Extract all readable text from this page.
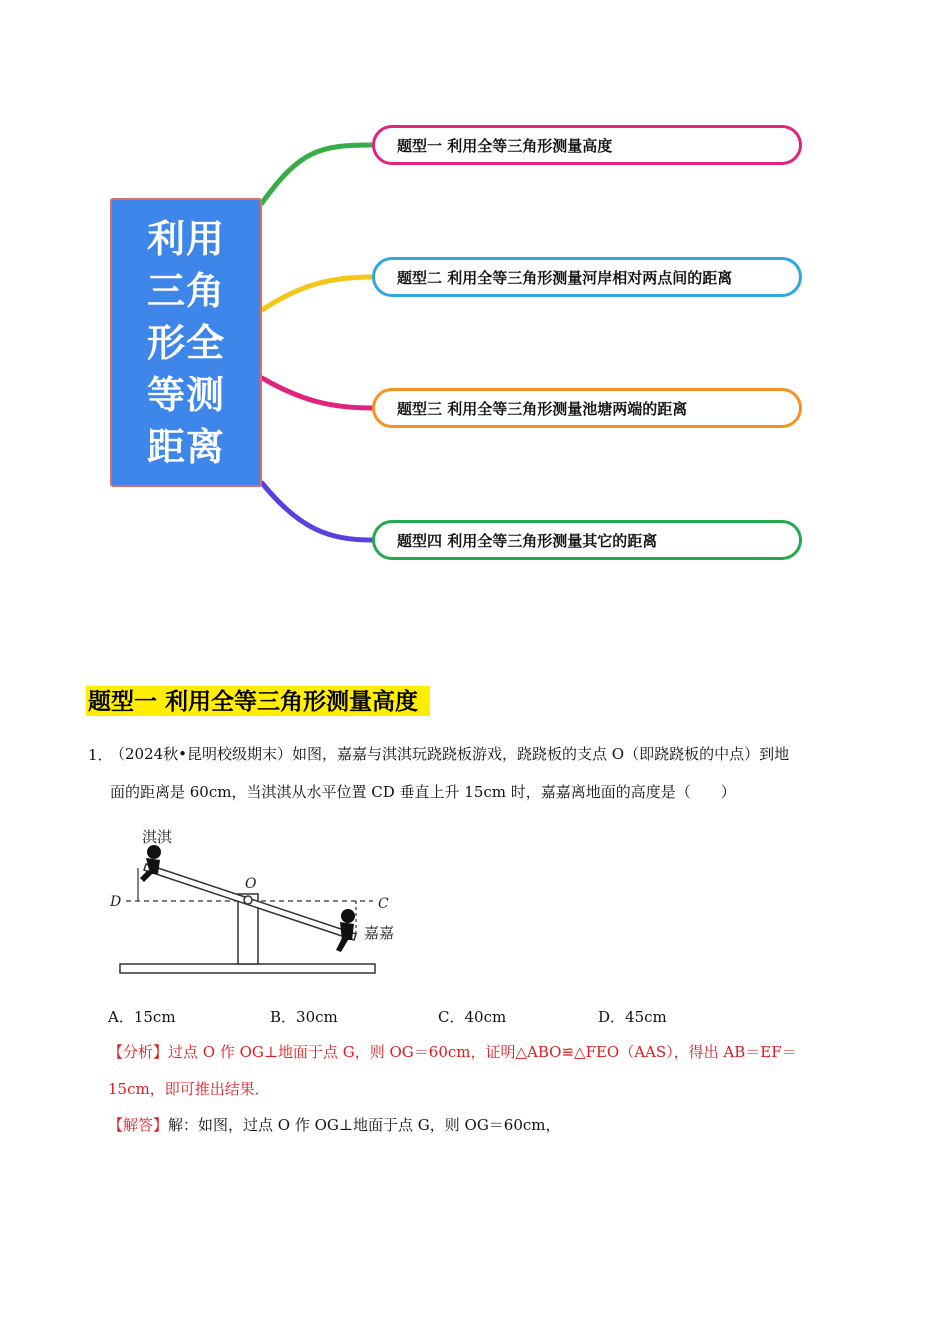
利用三角形全等测距离
题型一 利用全等三角形测量高度
题型二 利用全等三角形测量河岸相对两点间的距离
题型三 利用全等三角形测量池塘两端的距离
题型四 利用全等三角形测量其它的距离
题型一 利用全等三角形测量高度
1．
（2024秋•昆明校级期末）如图，嘉嘉与淇淇玩跷跷板游戏，跷跷板的支点 O（即跷跷板的中点）到地
面的距离是 60cm，当淇淇从水平位置 CD 垂直上升 15cm 时，嘉嘉离地面的高度是（　　）
淇淇
O
D	C
嘉嘉
A．15cm	B．30cm	C．40cm	D．45cm
【分析】过点 O 作 OG⊥地面于点 G，则 OG＝60cm，证明△ABO≌△FEO（AAS），得出 AB＝EF＝
15cm，即可推出结果．
【解答】解：如图，过点 O 作 OG⊥地面于点 G，则 OG＝60cm，
